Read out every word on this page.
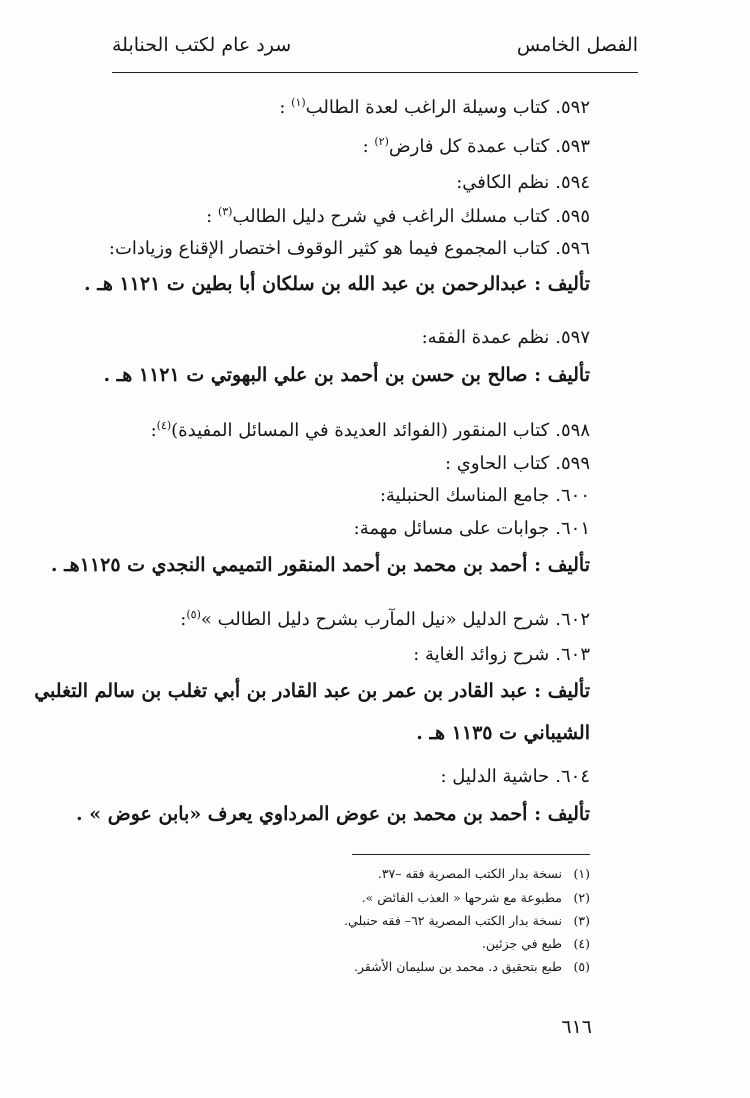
الفصل الخامس
سرد عام لكتب الحنابلة
٥٩٢.كتاب وسيلة الراغب لعدة الطالب$^{(١)}$ :
٥٩٣.كتاب عمدة كل فارض$^{(٢)}$ :
٥٩٤.نظم الكافي:
٥٩٥.كتاب مسلك الراغب في شرح دليل الطالب$^{(٣)}$ :
٥٩٦.كتاب المجموع فيما هو كثير الوقوف اختصار الإقناع وزيادات:
تأليف : عبدالرحمن بن عبد الله بن سلكان أبا بطين ت ١١٢١ هـ .
٥٩٧.نظم عمدة الفقه:
تأليف : صالح بن حسن بن أحمد بن علي البهوتي ت ١١٢١ هـ .
٥٩٨.كتاب المنقور (الفوائد العديدة في المسائل المفيدة)$^{(٤)}$:
٥٩٩.كتاب الحاوي :
٦٠٠.جامع المناسك الحنبلية:
٦٠١.جوابات على مسائل مهمة:
تأليف : أحمد بن محمد بن أحمد المنقور التميمي النجدي ت ١١٢٥هـ .
٦٠٢.شرح الدليل «نيل المآرب بشرح دليل الطالب »$^{(٥)}$:
٦٠٣.شرح زوائد الغاية :
تأليف : عبد القادر بن عمر بن عبد القادر بن أبي تغلب بن سالم التغلبي
الشيباني ت ١١٣٥ هـ .
٦٠٤.حاشية الدليل :
تأليف : أحمد بن محمد بن عوض المرداوي يعرف «بابن عوض » .
(١)نسخة بدار الكتب المصرية فقه –٣٧.
(٢)مطبوعة مع شرحها « العذب الفائض ».
(٣)نسخة بدار الكتب المصرية ٦٢– فقه حنبلي.
(٤)طبع في جزئين.
(٥)طبع بتحقيق د. محمد بن سليمان الأشقر.
٦١٦
